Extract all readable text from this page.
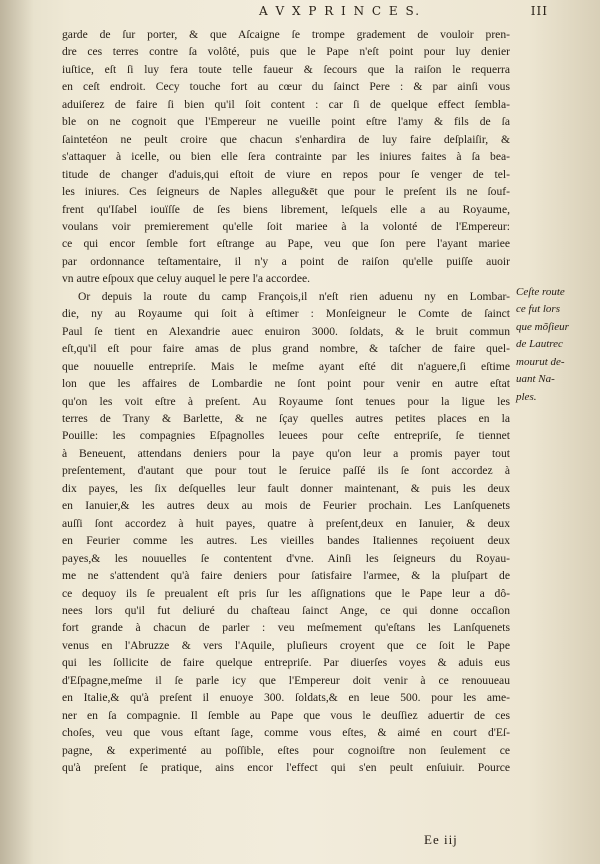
A V X P R I N C E S.	III
garde de ſur porter, & que Aſcaigne ſe trompe gradement de vouloir pren-
dre ces terres contre ſa volôté, puis que le Pape n'eſt point pour luy denier
iuſtice, eſt ſi luy fera toute telle faueur & ſecours que la raiſon le requerra
en ceſt endroit. Cecy touche fort au cœur du ſainct Pere : & par ainſi vous
aduiſerez de faire ſi bien qu'il ſoit content : car ſi de quelque effect ſembla-
ble on ne cognoit que l'Empereur ne vueille point eſtre l'amy & fils de ſa
ſaintetéon ne peult croire que chacun s'enhardira de luy faire deſplaiſir, &
s'attaquer à icelle, ou bien elle ſera contrainte par les iniures faites à ſa bea-
titude de changer d'aduis,qui eſtoit de viure en repos pour ſe venger de tel-
les iniures. Ces ſeigneurs de Naples allegu&ēt que pour le preſent ils ne ſouf-
frent qu'Iſabel iouïſſe de ſes biens librement, leſquels elle a au Royaume,
voulans voir premierement qu'elle ſoit mariee à la volonté de l'Empereur:
ce qui encor ſemble fort eſtrange au Pape, veu que ſon pere l'ayant mariee
par ordonnance teſtamentaire, il n'y a point de raiſon qu'elle puiſſe auoir
vn autre eſpoux que celuy auquel le pere l'a accordee.
Or depuis la route du camp François,il n'eſt rien aduenu ny en Lombar-
die, ny au Royaume qui ſoit à eſtimer : Monſeigneur le Comte de ſainct
Paul ſe tient en Alexandrie auec enuiron 3000. ſoldats, & le bruit commun
eſt,qu'il eſt pour faire amas de plus grand nombre, & taſcher de faire quel-
que nouuelle entrepriſe. Mais le meſme ayant eſté dit n'aguere,ſi eſtime
lon que les affaires de Lombardie ne ſont point pour venir en autre eſtat
qu'on les voit eſtre à preſent. Au Royaume ſont tenues pour la ligue les
terres de Trany & Barlette, & ne ſçay quelles autres petites places en la
Pouille: les compagnies Eſpagnolles leuees pour ceſte entrepriſe, ſe tiennet
à Beneuent, attendans deniers pour la paye qu'on leur a promis payer tout
preſentement, d'autant que pour tout le ſeruice paſſé ils ſe ſont accordez à
dix payes, les ſix deſquelles leur fault donner maintenant, & puis les deux
en Ianuier,& les autres deux au mois de Feurier prochain. Les Lanſquenets
auſſi ſont accordez à huit payes, quatre à preſent,deux en Ianuier, & deux
en Feurier comme les autres. Les vieilles bandes Italiennes reçoiuent deux
payes,& les nouuelles ſe contentent d'vne. Ainſi les ſeigneurs du Royau-
me ne s'attendent qu'à faire deniers pour ſatisfaire l'armee, & la pluſpart de
ce dequoy ils ſe preualent eſt pris ſur les aſſignations que le Pape leur a dô-
nees lors qu'il fut deliuré du chaſteau ſainct Ange, ce qui donne occaſion
fort grande à chacun de parler : veu meſmement qu'eſtans les Lanſquenets
venus en l'Abruzze & vers l'Aquile, pluſieurs croyent que ce ſoit le Pape
qui les ſollicite de faire quelque entrepriſe. Par diuerſes voyes & aduis eus
d'Eſpagne,meſme il ſe parle icy que l'Empereur doit venir à ce renouueau
en Italie,& qu'à preſent il enuoye 300. ſoldats,& en leue 500. pour les ame-
ner en ſa compagnie. Il ſemble au Pape que vous le deuſſiez aduertir de ces
choſes, veu que vous eſtant ſage, comme vous eſtes, & aimé en court d'Eſ-
pagne, & experimenté au poſſible, eſtes pour cognoiſtre non ſeulement ce
qu'à preſent ſe pratique, ains encor l'effect qui s'en peult enſuiuir. Pource
Ceſte route
ce fut lors
que mõſieur
de Lautrec
mourut de-
uant Na-
ples.
Ee iij
